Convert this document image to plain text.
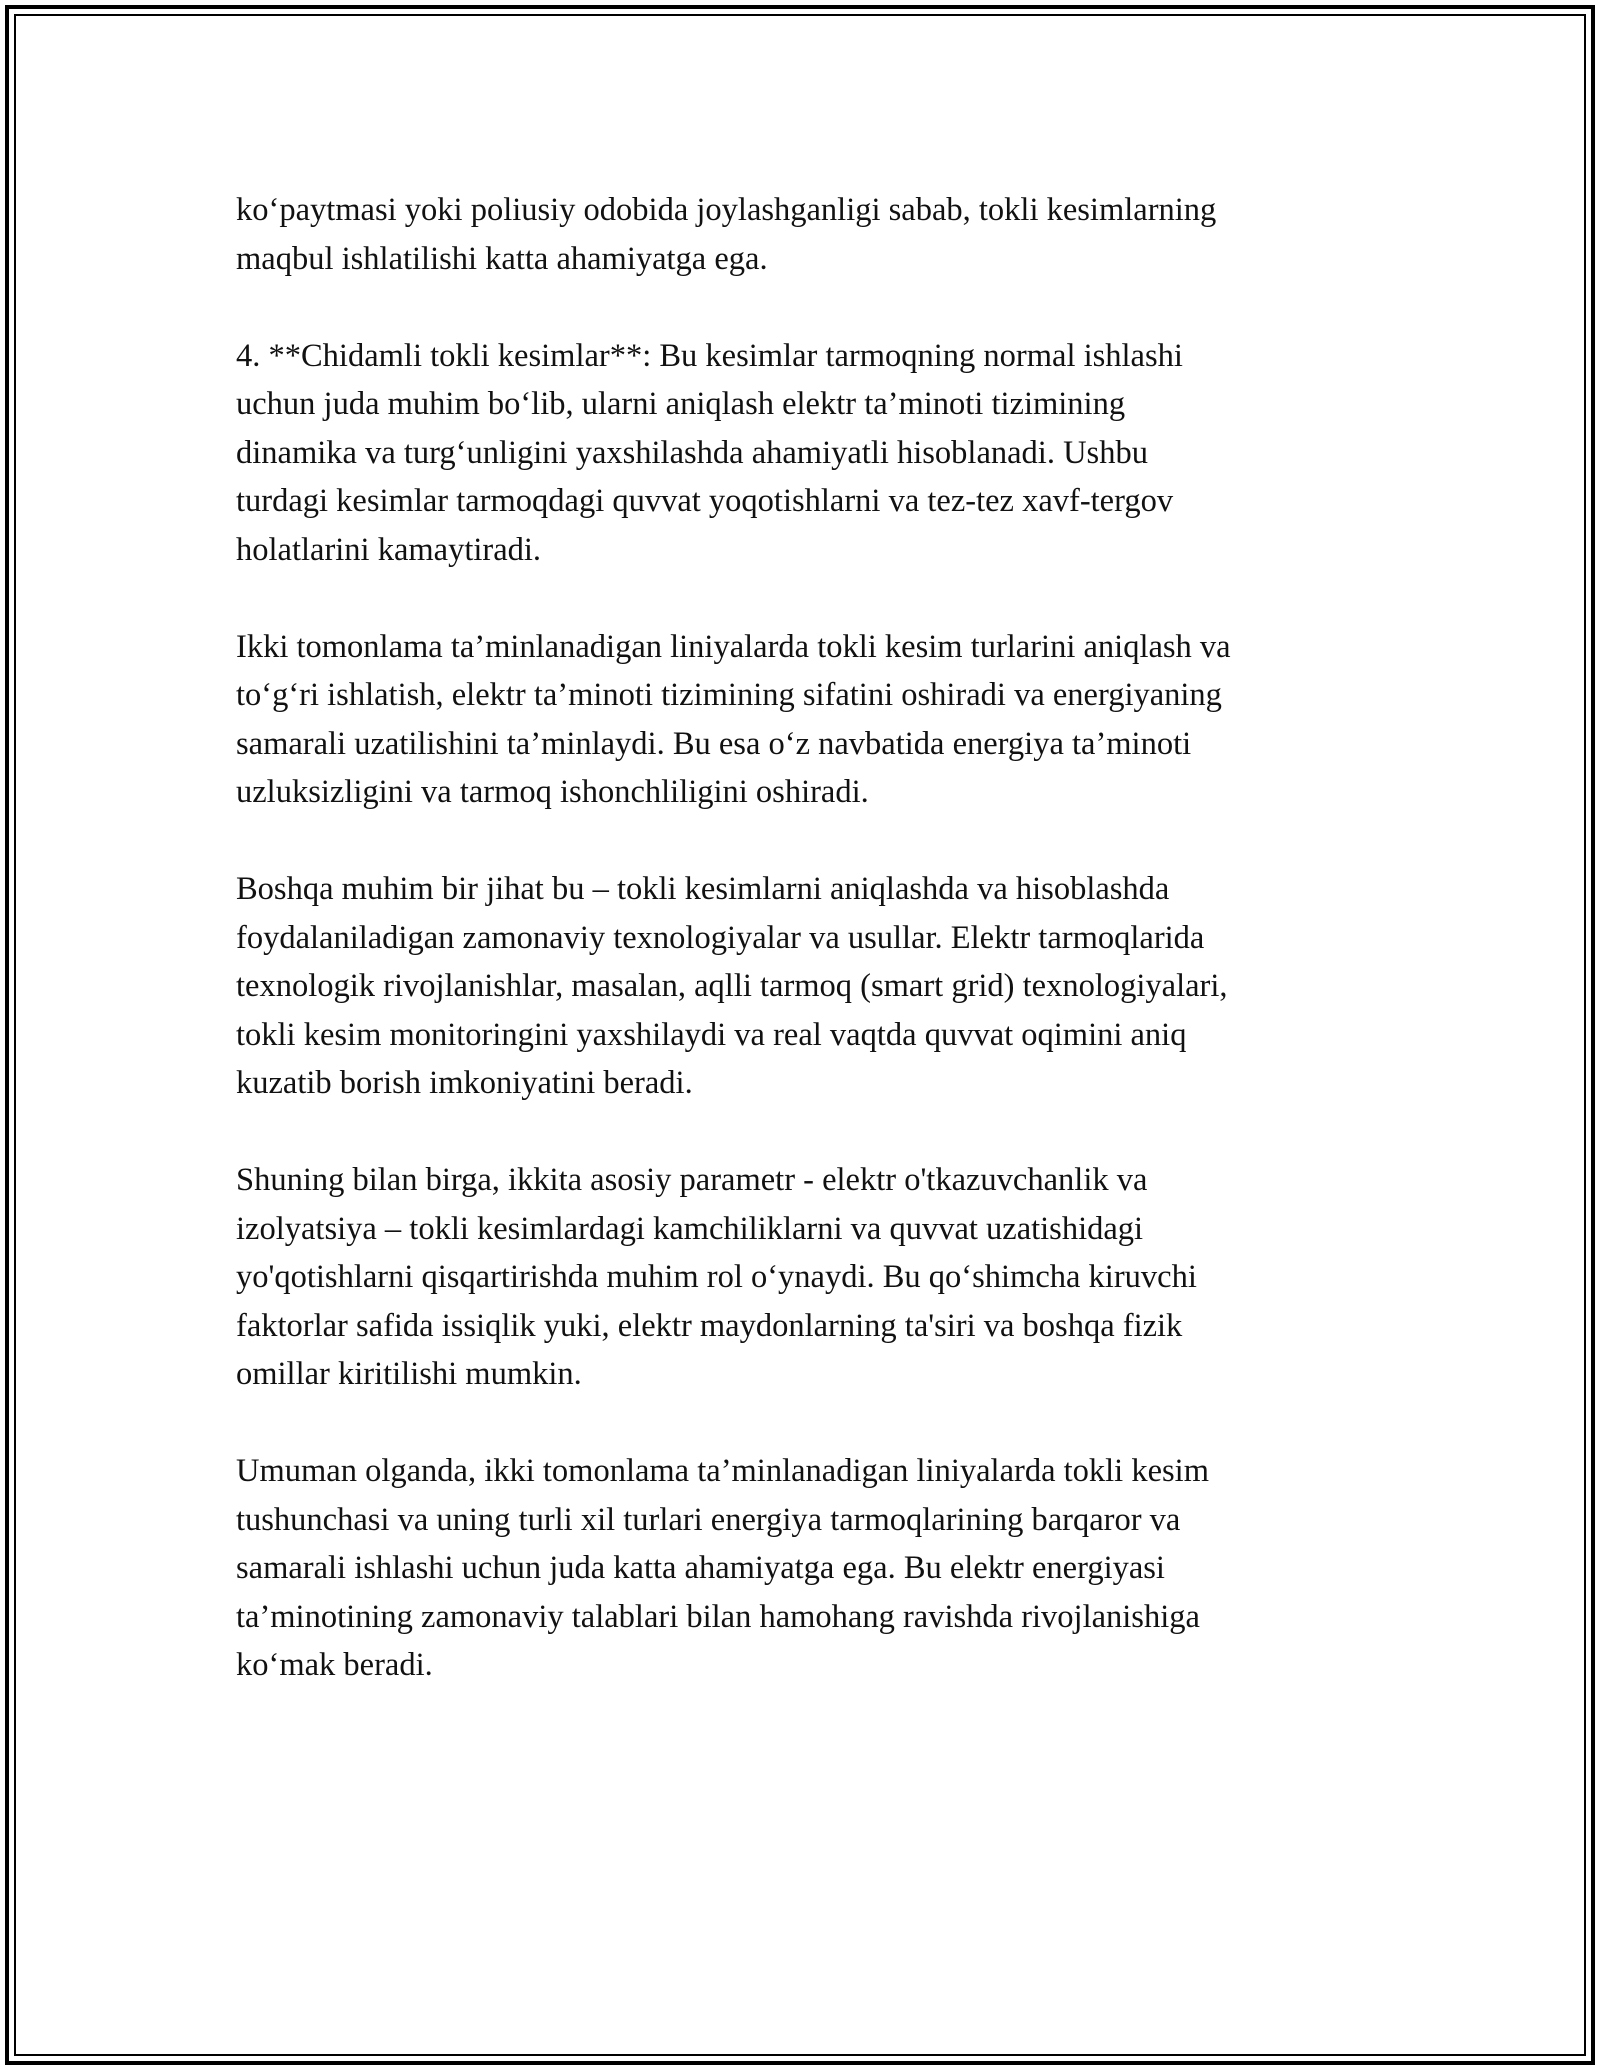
ko‘paytmasi yoki poliusiy odobida joylashganligi sabab, tokli kesimlarning
maqbul ishlatilishi katta ahamiyatga ega.

4. **Chidamli tokli kesimlar**: Bu kesimlar tarmoqning normal ishlashi
uchun juda muhim bo‘lib, ularni aniqlash elektr ta’minoti tizimining
dinamika va turg‘unligini yaxshilashda ahamiyatli hisoblanadi. Ushbu
turdagi kesimlar tarmoqdagi quvvat yoqotishlarni va tez-tez xavf-tergov
holatlarini kamaytiradi.

Ikki tomonlama ta’minlanadigan liniyalarda tokli kesim turlarini aniqlash va
to‘g‘ri ishlatish, elektr ta’minoti tizimining sifatini oshiradi va energiyaning
samarali uzatilishini ta’minlaydi. Bu esa o‘z navbatida energiya ta’minoti
uzluksizligini va tarmoq ishonchliligini oshiradi.

Boshqa muhim bir jihat bu – tokli kesimlarni aniqlashda va hisoblashda
foydalaniladigan zamonaviy texnologiyalar va usullar. Elektr tarmoqlarida
texnologik rivojlanishlar, masalan, aqlli tarmoq (smart grid) texnologiyalari,
tokli kesim monitoringini yaxshilaydi va real vaqtda quvvat oqimini aniq
kuzatib borish imkoniyatini beradi.

Shuning bilan birga, ikkita asosiy parametr - elektr o'tkazuvchanlik va
izolyatsiya – tokli kesimlardagi kamchiliklarni va quvvat uzatishidagi
yo'qotishlarni qisqartirishda muhim rol o‘ynaydi. Bu qo‘shimcha kiruvchi
faktorlar safida issiqlik yuki, elektr maydonlarning ta'siri va boshqa fizik
omillar kiritilishi mumkin.

Umuman olganda, ikki tomonlama ta’minlanadigan liniyalarda tokli kesim
tushunchasi va uning turli xil turlari energiya tarmoqlarining barqaror va
samarali ishlashi uchun juda katta ahamiyatga ega. Bu elektr energiyasi
ta’minotining zamonaviy talablari bilan hamohang ravishda rivojlanishiga
ko‘mak beradi.
